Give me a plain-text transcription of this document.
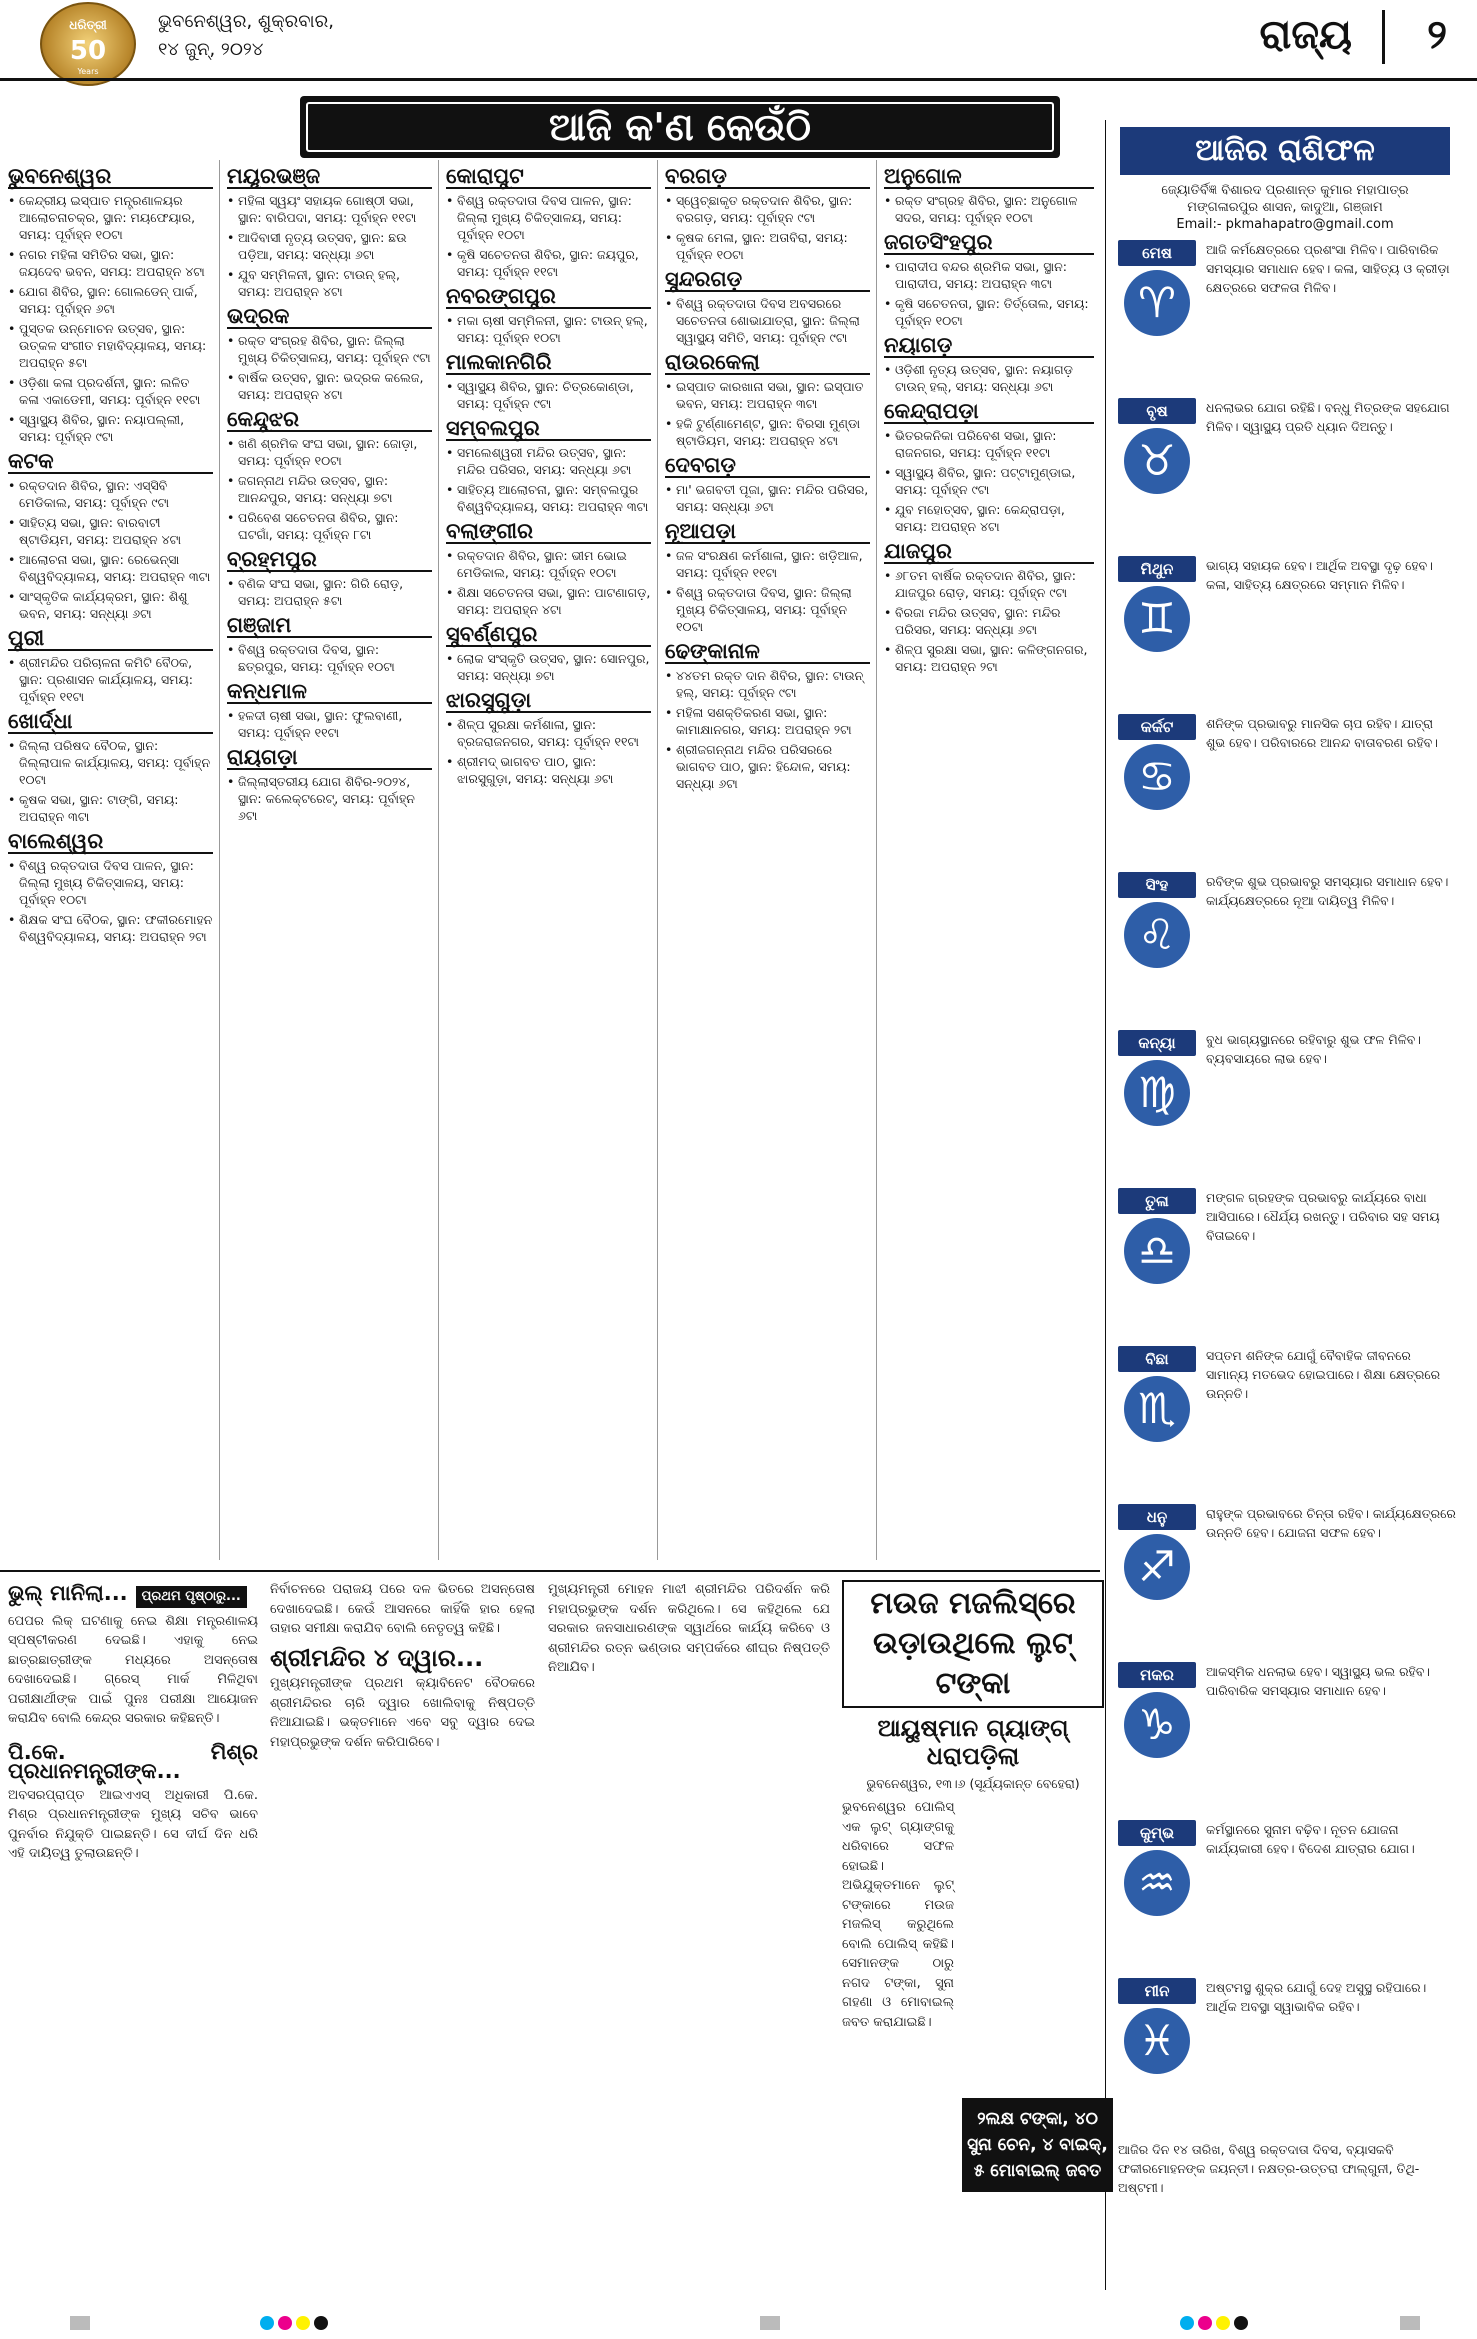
ଧରିତ୍ରୀ
50
Years
ଭୁବନେଶ୍ୱର, ଶୁକ୍ରବାର,
୧୪ ଜୁନ୍, ୨୦୨୪	ରାଜ୍ୟ ୨
ଆଜି କ'ଣ କେଉଁଠି
ଭୁବନେଶ୍ୱର
• କେନ୍ଦ୍ରୀୟ ଇସ୍ପାତ ମନ୍ତ୍ରଣାଳୟର ଆଲୋଚନାଚକ୍ର, ସ୍ଥାନ: ମୟଫେୟାର, ସମୟ: ପୂର୍ବାହ୍ନ ୧୦ଟା
• ନଗର ମହିଳା ସମିତିର ସଭା, ସ୍ଥାନ: ଜୟଦେବ ଭବନ, ସମୟ: ଅପରାହ୍ନ ୪ଟା
• ଯୋଗ ଶିବିର, ସ୍ଥାନ: ଗୋଲଡେନ୍ ପାର୍କ, ସମୟ: ପୂର୍ବାହ୍ନ ୬ଟା
• ପୁସ୍ତକ ଉନ୍ମୋଚନ ଉତ୍ସବ, ସ୍ଥାନ: ଉତ୍କଳ ସଂଗୀତ ମହାବିଦ୍ୟାଳୟ, ସମୟ: ଅପରାହ୍ନ ୫ଟା
• ଓଡ଼ିଶା କଳା ପ୍ରଦର୍ଶନୀ, ସ୍ଥାନ: ଲଳିତ କଳା ଏକାଡେମୀ, ସମୟ: ପୂର୍ବାହ୍ନ ୧୧ଟା
• ସ୍ୱାସ୍ଥ୍ୟ ଶିବିର, ସ୍ଥାନ: ନୟାପଲ୍ଲୀ, ସମୟ: ପୂର୍ବାହ୍ନ ୯ଟା
କଟକ
• ରକ୍ତଦାନ ଶିବିର, ସ୍ଥାନ: ଏସ୍‌ସିବି ମେଡିକାଲ, ସମୟ: ପୂର୍ବାହ୍ନ ୯ଟା
• ସାହିତ୍ୟ ସଭା, ସ୍ଥାନ: ବାରବାଟୀ ଷ୍ଟାଡିୟମ, ସମୟ: ଅପରାହ୍ନ ୪ଟା
• ଆଲୋଚନା ସଭା, ସ୍ଥାନ: ରେଭେନ୍ସା ବିଶ୍ୱବିଦ୍ୟାଳୟ, ସମୟ: ଅପରାହ୍ନ ୩ଟା
• ସାଂସ୍କୃତିକ କାର୍ଯ୍ୟକ୍ରମ, ସ୍ଥାନ: ଶିଶୁ ଭବନ, ସମୟ: ସନ୍ଧ୍ୟା ୬ଟା
ପୁରୀ
• ଶ୍ରୀମନ୍ଦିର ପରିଚାଳନା କମିଟି ବୈଠକ, ସ୍ଥାନ: ପ୍ରଶାସନ କାର୍ଯ୍ୟାଳୟ, ସମୟ: ପୂର୍ବାହ୍ନ ୧୧ଟା
ଖୋର୍ଦ୍ଧା
• ଜିଲ୍ଲା ପରିଷଦ ବୈଠକ, ସ୍ଥାନ: ଜିଲ୍ଲାପାଳ କାର୍ଯ୍ୟାଳୟ, ସମୟ: ପୂର୍ବାହ୍ନ ୧୦ଟା
• କୃଷକ ସଭା, ସ୍ଥାନ: ଟାଙ୍ଗି, ସମୟ: ଅପରାହ୍ନ ୩ଟା
ବାଲେଶ୍ୱର
• ବିଶ୍ୱ ରକ୍ତଦାତା ଦିବସ ପାଳନ, ସ୍ଥାନ: ଜିଲ୍ଲା ମୁଖ୍ୟ ଚିକିତ୍ସାଳୟ, ସମୟ: ପୂର୍ବାହ୍ନ ୧୦ଟା
• ଶିକ୍ଷକ ସଂଘ ବୈଠକ, ସ୍ଥାନ: ଫକୀରମୋହନ ବିଶ୍ୱବିଦ୍ୟାଳୟ, ସମୟ: ଅପରାହ୍ନ ୨ଟା
ମୟୂରଭଞ୍ଜ
• ମହିଳା ସ୍ୱୟଂ ସହାୟକ ଗୋଷ୍ଠୀ ସଭା, ସ୍ଥାନ: ବାରିପଦା, ସମୟ: ପୂର୍ବାହ୍ନ ୧୧ଟା
• ଆଦିବାସୀ ନୃତ୍ୟ ଉତ୍ସବ, ସ୍ଥାନ: ଛଉ ପଡ଼ିଆ, ସମୟ: ସନ୍ଧ୍ୟା ୬ଟା
• ଯୁବ ସମ୍ମିଳନୀ, ସ୍ଥାନ: ଟାଉନ୍ ହଲ୍, ସମୟ: ଅପରାହ୍ନ ୪ଟା
ଭଦ୍ରକ
• ରକ୍ତ ସଂଗ୍ରହ ଶିବିର, ସ୍ଥାନ: ଜିଲ୍ଲା ମୁଖ୍ୟ ଚିକିତ୍ସାଳୟ, ସମୟ: ପୂର୍ବାହ୍ନ ୯ଟା
• ବାର୍ଷିକ ଉତ୍ସବ, ସ୍ଥାନ: ଭଦ୍ରକ କଲେଜ, ସମୟ: ଅପରାହ୍ନ ୪ଟା
କେନ୍ଦୁଝର
• ଖଣି ଶ୍ରମିକ ସଂଘ ସଭା, ସ୍ଥାନ: ଜୋଡ଼ା, ସମୟ: ପୂର୍ବାହ୍ନ ୧୦ଟା
• ଜଗନ୍ନାଥ ମନ୍ଦିର ଉତ୍ସବ, ସ୍ଥାନ: ଆନନ୍ଦପୁର, ସମୟ: ସନ୍ଧ୍ୟା ୭ଟା
• ପରିବେଶ ସଚେତନତା ଶିବିର, ସ୍ଥାନ: ଘଟଗାଁ, ସମୟ: ପୂର୍ବାହ୍ନ ୮ଟା
ବ୍ରହ୍ମପୁର
• ବଣିକ ସଂଘ ସଭା, ସ୍ଥାନ: ଗିରି ରୋଡ଼, ସମୟ: ଅପରାହ୍ନ ୫ଟା
ଗଞ୍ଜାମ
• ବିଶ୍ୱ ରକ୍ତଦାତା ଦିବସ, ସ୍ଥାନ: ଛତ୍ରପୁର, ସମୟ: ପୂର୍ବାହ୍ନ ୧୦ଟା
କନ୍ଧମାଳ
• ହଳଦୀ ଚାଷୀ ସଭା, ସ୍ଥାନ: ଫୁଲବାଣୀ, ସମୟ: ପୂର୍ବାହ୍ନ ୧୧ଟା
ରାୟଗଡ଼ା
• ଜିଲ୍ଲାସ୍ତରୀୟ ଯୋଗ ଶିବିର-୨୦୨୪, ସ୍ଥାନ: କଲେକ୍ଟରେଟ୍, ସମୟ: ପୂର୍ବାହ୍ନ ୬ଟା
କୋରାପୁଟ
• ବିଶ୍ୱ ରକ୍ତଦାତା ଦିବସ ପାଳନ, ସ୍ଥାନ: ଜିଲ୍ଲା ମୁଖ୍ୟ ଚିକିତ୍ସାଳୟ, ସମୟ: ପୂର୍ବାହ୍ନ ୧୦ଟା
• କୃଷି ସଚେତନତା ଶିବିର, ସ୍ଥାନ: ଜୟପୁର, ସମୟ: ପୂର୍ବାହ୍ନ ୧୧ଟା
ନବରଙ୍ଗପୁର
• ମକା ଚାଷୀ ସମ୍ମିଳନୀ, ସ୍ଥାନ: ଟାଉନ୍ ହଲ୍, ସମୟ: ପୂର୍ବାହ୍ନ ୧୦ଟା
ମାଲକାନଗିରି
• ସ୍ୱାସ୍ଥ୍ୟ ଶିବିର, ସ୍ଥାନ: ଚିତ୍ରକୋଣ୍ଡା, ସମୟ: ପୂର୍ବାହ୍ନ ୯ଟା
ସମ୍ବଲପୁର
• ସମଲେଶ୍ୱରୀ ମନ୍ଦିର ଉତ୍ସବ, ସ୍ଥାନ: ମନ୍ଦିର ପରିସର, ସମୟ: ସନ୍ଧ୍ୟା ୬ଟା
• ସାହିତ୍ୟ ଆଲୋଚନା, ସ୍ଥାନ: ସମ୍ବଲପୁର ବିଶ୍ୱବିଦ୍ୟାଳୟ, ସମୟ: ଅପରାହ୍ନ ୩ଟା
ବଲାଙ୍ଗୀର
• ରକ୍ତଦାନ ଶିବିର, ସ୍ଥାନ: ଭୀମ ଭୋଇ ମେଡିକାଲ, ସମୟ: ପୂର୍ବାହ୍ନ ୧୦ଟା
• ଶିକ୍ଷା ସଚେତନତା ସଭା, ସ୍ଥାନ: ପାଟଣାଗଡ଼, ସମୟ: ଅପରାହ୍ନ ୪ଟା
ସୁବର୍ଣ୍ଣପୁର
• ଲୋକ ସଂସ୍କୃତି ଉତ୍ସବ, ସ୍ଥାନ: ସୋନପୁର, ସମୟ: ସନ୍ଧ୍ୟା ୭ଟା
ଝାରସୁଗୁଡ଼ା
• ଶିଳ୍ପ ସୁରକ୍ଷା କର୍ମଶାଳା, ସ୍ଥାନ: ବ୍ରଜରାଜନଗର, ସମୟ: ପୂର୍ବାହ୍ନ ୧୧ଟା
• ଶ୍ରୀମଦ୍ ଭାଗବତ ପାଠ, ସ୍ଥାନ: ଝାରସୁଗୁଡ଼ା, ସମୟ: ସନ୍ଧ୍ୟା ୬ଟା
ବରଗଡ଼
• ସ୍ୱେଚ୍ଛାକୃତ ରକ୍ତଦାନ ଶିବିର, ସ୍ଥାନ: ବରଗଡ଼, ସମୟ: ପୂର୍ବାହ୍ନ ୯ଟା
• କୃଷକ ମେଳା, ସ୍ଥାନ: ଅତାବିରା, ସମୟ: ପୂର୍ବାହ୍ନ ୧୦ଟା
ସୁନ୍ଦରଗଡ଼
• ବିଶ୍ୱ ରକ୍ତଦାତା ଦିବସ ଅବସରରେ ସଚେତନତା ଶୋଭାଯାତ୍ରା, ସ୍ଥାନ: ଜିଲ୍ଲା ସ୍ୱାସ୍ଥ୍ୟ ସମିତି, ସମୟ: ପୂର୍ବାହ୍ନ ୯ଟା
ରାଉରକେଲା
• ଇସ୍ପାତ କାରଖାନା ସଭା, ସ୍ଥାନ: ଇସ୍ପାତ ଭବନ, ସମୟ: ଅପରାହ୍ନ ୩ଟା
• ହକି ଟୁର୍ଣ୍ଣାମେଣ୍ଟ, ସ୍ଥାନ: ବିରସା ମୁଣ୍ଡା ଷ୍ଟାଡିୟମ, ସମୟ: ଅପରାହ୍ନ ୪ଟା
ଦେବଗଡ଼
• ମା' ଭଗବତୀ ପୂଜା, ସ୍ଥାନ: ମନ୍ଦିର ପରିସର, ସମୟ: ସନ୍ଧ୍ୟା ୬ଟା
ନୂଆପଡ଼ା
• ଜଳ ସଂରକ୍ଷଣ କର୍ମଶାଳା, ସ୍ଥାନ: ଖଡ଼ିଆଳ, ସମୟ: ପୂର୍ବାହ୍ନ ୧୧ଟା
• ବିଶ୍ୱ ରକ୍ତଦାତା ଦିବସ, ସ୍ଥାନ: ଜିଲ୍ଲା ମୁଖ୍ୟ ଚିକିତ୍ସାଳୟ, ସମୟ: ପୂର୍ବାହ୍ନ ୧୦ଟା
ଢେଙ୍କାନାଳ
• ୪୪ତମ ରକ୍ତ ଦାନ ଶିବିର, ସ୍ଥାନ: ଟାଉନ୍ ହଲ୍, ସମୟ: ପୂର୍ବାହ୍ନ ୯ଟା
• ମହିଳା ସଶକ୍ତିକରଣ ସଭା, ସ୍ଥାନ: କାମାକ୍ଷାନଗର, ସମୟ: ଅପରାହ୍ନ ୨ଟା
• ଶ୍ରୀଜଗନ୍ନାଥ ମନ୍ଦିର ପରିସରରେ ଭାଗବତ ପାଠ, ସ୍ଥାନ: ହିନ୍ଦୋଳ, ସମୟ: ସନ୍ଧ୍ୟା ୬ଟା
ଅନୁଗୋଳ
• ରକ୍ତ ସଂଗ୍ରହ ଶିବିର, ସ୍ଥାନ: ଅନୁଗୋଳ ସଦର, ସମୟ: ପୂର୍ବାହ୍ନ ୧୦ଟା
ଜଗତସିଂହପୁର
• ପାରାଦୀପ ବନ୍ଦର ଶ୍ରମିକ ସଭା, ସ୍ଥାନ: ପାରାଦୀପ, ସମୟ: ଅପରାହ୍ନ ୩ଟା
• କୃଷି ସଚେତନତା, ସ୍ଥାନ: ତିର୍ତ୍ତୋଲ, ସମୟ: ପୂର୍ବାହ୍ନ ୧୦ଟା
ନୟାଗଡ଼
• ଓଡ଼ିଶୀ ନୃତ୍ୟ ଉତ୍ସବ, ସ୍ଥାନ: ନୟାଗଡ଼ ଟାଉନ୍ ହଲ୍, ସମୟ: ସନ୍ଧ୍ୟା ୬ଟା
କେନ୍ଦ୍ରାପଡ଼ା
• ଭିତରକନିକା ପରିବେଶ ସଭା, ସ୍ଥାନ: ରାଜନଗର, ସମୟ: ପୂର୍ବାହ୍ନ ୧୧ଟା
• ସ୍ୱାସ୍ଥ୍ୟ ଶିବିର, ସ୍ଥାନ: ପଟ୍ଟାମୁଣ୍ଡାଇ, ସମୟ: ପୂର୍ବାହ୍ନ ୯ଟା
• ଯୁବ ମହୋତ୍ସବ, ସ୍ଥାନ: କେନ୍ଦ୍ରାପଡ଼ା, ସମୟ: ଅପରାହ୍ନ ୪ଟା
ଯାଜପୁର
• ୬୮ତମ ବାର୍ଷିକ ରକ୍ତଦାନ ଶିବିର, ସ୍ଥାନ: ଯାଜପୁର ରୋଡ଼, ସମୟ: ପୂର୍ବାହ୍ନ ୯ଟା
• ବିରଜା ମନ୍ଦିର ଉତ୍ସବ, ସ୍ଥାନ: ମନ୍ଦିର ପରିସର, ସମୟ: ସନ୍ଧ୍ୟା ୬ଟା
• ଶିଳ୍ପ ସୁରକ୍ଷା ସଭା, ସ୍ଥାନ: କଳିଙ୍ଗନଗର, ସମୟ: ଅପରାହ୍ନ ୨ଟା
ଆଜିର ରାଶିଫଳ
ଜ୍ୟୋତିର୍ବିଜ୍ଞ ବିଶାରଦ ପ୍ରଶାନ୍ତ କୁମାର ମହାପାତ୍ର
ମଙ୍ଗଳାରପୁର ଶାସନ, କାଦୁଆ, ଗଞ୍ଜାମ
Email:- pkmahapatro@gmail.com
ମେଷ
♈
ଆଜି କର୍ମକ୍ଷେତ୍ରରେ ପ୍ରଶଂସା ମିଳିବ। ପାରିବାରିକ ସମସ୍ୟାର ସମାଧାନ ହେବ। କଳା, ସାହିତ୍ୟ ଓ କ୍ରୀଡ଼ା କ୍ଷେତ୍ରରେ ସଫଳତା ମିଳିବ।
ବୃଷ
♉
ଧନଲାଭର ଯୋଗ ରହିଛି। ବନ୍ଧୁ ମିତ୍ରଙ୍କ ସହଯୋଗ ମିଳିବ। ସ୍ୱାସ୍ଥ୍ୟ ପ୍ରତି ଧ୍ୟାନ ଦିଅନ୍ତୁ।
ମିଥୁନ
♊
ଭାଗ୍ୟ ସହାୟକ ହେବ। ଆର୍ଥିକ ଅବସ୍ଥା ଦୃଢ଼ ହେବ। କଳା, ସାହିତ୍ୟ କ୍ଷେତ୍ରରେ ସମ୍ମାନ ମିଳିବ।
କର୍କଟ
♋
ଶନିଙ୍କ ପ୍ରଭାବରୁ ମାନସିକ ଚାପ ରହିବ। ଯାତ୍ରା ଶୁଭ ହେବ। ପରିବାରରେ ଆନନ୍ଦ ବାତାବରଣ ରହିବ।
ସିଂହ
♌
ରବିଙ୍କ ଶୁଭ ପ୍ରଭାବରୁ ସମସ୍ୟାର ସମାଧାନ ହେବ। କାର୍ଯ୍ୟକ୍ଷେତ୍ରରେ ନୂଆ ଦାୟିତ୍ୱ ମିଳିବ।
କନ୍ୟା
♍
ବୁଧ ଭାଗ୍ୟସ୍ଥାନରେ ରହିବାରୁ ଶୁଭ ଫଳ ମିଳିବ। ବ୍ୟବସାୟରେ ଲାଭ ହେବ।
ତୁଳା
♎
ମଙ୍ଗଳ ଗ୍ରହଙ୍କ ପ୍ରଭାବରୁ କାର୍ଯ୍ୟରେ ବାଧା ଆସିପାରେ। ଧୈର୍ଯ୍ୟ ରଖନ୍ତୁ। ପରିବାର ସହ ସମୟ ବିତାଇବେ।
ବିଛା
♏
ସପ୍ତମ ଶନିଙ୍କ ଯୋଗୁଁ ବୈବାହିକ ଜୀବନରେ ସାମାନ୍ୟ ମତଭେଦ ହୋଇପାରେ। ଶିକ୍ଷା କ୍ଷେତ୍ରରେ ଉନ୍ନତି।
ଧନୁ
♐
ରାହୁଙ୍କ ପ୍ରଭାବରେ ଚିନ୍ତା ରହିବ। କାର୍ଯ୍ୟକ୍ଷେତ୍ରରେ ଉନ୍ନତି ହେବ। ଯୋଜନା ସଫଳ ହେବ।
ମକର
♑
ଆକସ୍ମିକ ଧନଲାଭ ହେବ। ସ୍ୱାସ୍ଥ୍ୟ ଭଲ ରହିବ। ପାରିବାରିକ ସମସ୍ୟାର ସମାଧାନ ହେବ।
କୁମ୍ଭ
♒
କର୍ମସ୍ଥାନରେ ସୁନାମ ବଢ଼ିବ। ନୂତନ ଯୋଜନା କାର୍ଯ୍ୟକାରୀ ହେବ। ବିଦେଶ ଯାତ୍ରାର ଯୋଗ।
ମୀନ
♓
ଅଷ୍ଟମସ୍ଥ ଶୁକ୍ର ଯୋଗୁଁ ଦେହ ଅସୁସ୍ଥ ରହିପାରେ। ଆର୍ଥିକ ଅବସ୍ଥା ସ୍ୱାଭାବିକ ରହିବ।
ଆଜିର ଦିନ ୧୪ ତାରିଖ, ବିଶ୍ୱ ରକ୍ତଦାତା ଦିବସ, ବ୍ୟାସକବି ଫକୀରମୋହନଙ୍କ ଜୟନ୍ତୀ। ନକ୍ଷତ୍ର-ଉତ୍ତରା ଫାଲ୍‌ଗୁନୀ, ତିଥି-ଅଷ୍ଟମୀ।
ଭୁଲ୍ ମାନିଲା... ପ୍ରଥମ ପୃଷ୍ଠାରୁ...
ପେପର ଲିକ୍ ଘଟଣାକୁ ନେଇ ଶିକ୍ଷା ମନ୍ତ୍ରଣାଳୟ ସ୍ପଷ୍ଟୀକରଣ ଦେଇଛି। ଏହାକୁ ନେଇ ଛାତ୍ରଛାତ୍ରୀଙ୍କ ମଧ୍ୟରେ ଅସନ୍ତୋଷ ଦେଖାଦେଇଛି। ଗ୍ରେସ୍ ମାର୍କ ମିଳିଥିବା ପରୀକ୍ଷାର୍ଥୀଙ୍କ ପାଇଁ ପୁନଃ ପରୀକ୍ଷା ଆୟୋଜନ କରାଯିବ ବୋଲି କେନ୍ଦ୍ର ସରକାର କହିଛନ୍ତି।
ପି.କେ. ମିଶ୍ର ପ୍ରଧାନମନ୍ତ୍ରୀଙ୍କ...
ଅବସରପ୍ରାପ୍ତ ଆଇଏଏସ୍ ଅଧିକାରୀ ପି.କେ. ମିଶ୍ର ପ୍ରଧାନମନ୍ତ୍ରୀଙ୍କ ମୁଖ୍ୟ ସଚିବ ଭାବେ ପୁନର୍ବାର ନିଯୁକ୍ତି ପାଇଛନ୍ତି। ସେ ଦୀର୍ଘ ଦିନ ଧରି ଏହି ଦାୟିତ୍ୱ ତୁଲାଉଛନ୍ତି।
ନିର୍ବାଚନରେ ପରାଜୟ ପରେ ଦଳ ଭିତରେ ଅସନ୍ତୋଷ ଦେଖାଦେଇଛି। କେଉଁ ଆସନରେ କାହିଁକି ହାର ହେଲା ତାହାର ସମୀକ୍ଷା କରାଯିବ ବୋଲି ନେତୃତ୍ୱ କହିଛି।
ଶ୍ରୀମନ୍ଦିର ୪ ଦ୍ୱାର...
ମୁଖ୍ୟମନ୍ତ୍ରୀଙ୍କ ପ୍ରଥମ କ୍ୟାବିନେଟ ବୈଠକରେ ଶ୍ରୀମନ୍ଦିରର ଚାରି ଦ୍ୱାର ଖୋଲିବାକୁ ନିଷ୍ପତ୍ତି ନିଆଯାଇଛି। ଭକ୍ତମାନେ ଏବେ ସବୁ ଦ୍ୱାର ଦେଇ ମହାପ୍ରଭୁଙ୍କ ଦର୍ଶନ କରିପାରିବେ।
ମୁଖ୍ୟମନ୍ତ୍ରୀ ମୋହନ ମାଝୀ ଶ୍ରୀମନ୍ଦିର ପରିଦର୍ଶନ କରି ମହାପ୍ରଭୁଙ୍କ ଦର୍ଶନ କରିଥିଲେ। ସେ କହିଥିଲେ ଯେ ସରକାର ଜନସାଧାରଣଙ୍କ ସ୍ୱାର୍ଥରେ କାର୍ଯ୍ୟ କରିବେ ଓ ଶ୍ରୀମନ୍ଦିର ରତ୍ନ ଭଣ୍ଡାର ସମ୍ପର୍କରେ ଶୀଘ୍ର ନିଷ୍ପତ୍ତି ନିଆଯିବ।
ମଉଜ ମଜଲିସ୍‌ରେ ଉଡ଼ାଉଥିଲେ ଲୁଟ୍ ଟଙ୍କା
ଆୟୁଷ୍ମାନ ଗ୍ୟାଙ୍ଗ୍ ଧରାପଡ଼ିଲା
ଭୁବନେଶ୍ୱର, ୧୩।୬ (ସୂର୍ଯ୍ୟକାନ୍ତ ବେହେରା)
ଭୁବନେଶ୍ୱର ପୋଲିସ୍ ଏକ ଲୁଟ୍ ଗ୍ୟାଙ୍ଗକୁ ଧରିବାରେ ସଫଳ ହୋଇଛି। ଅଭିଯୁକ୍ତମାନେ ଲୁଟ୍ ଟଙ୍କାରେ ମଉଜ ମଜଲିସ୍ କରୁଥିଲେ ବୋଲି ପୋଲିସ୍ କହିଛି। ସେମାନଙ୍କ ଠାରୁ ନଗଦ ଟଙ୍କା, ସୁନା ଗହଣା ଓ ମୋବାଇଲ୍ ଜବତ କରାଯାଇଛି।
୨ଲକ୍ଷ ଟଙ୍କା, ୪୦ ସୁନା ଚେନ, ୪ ବାଇକ୍, ୫ ମୋବାଇଲ୍ ଜବତ
